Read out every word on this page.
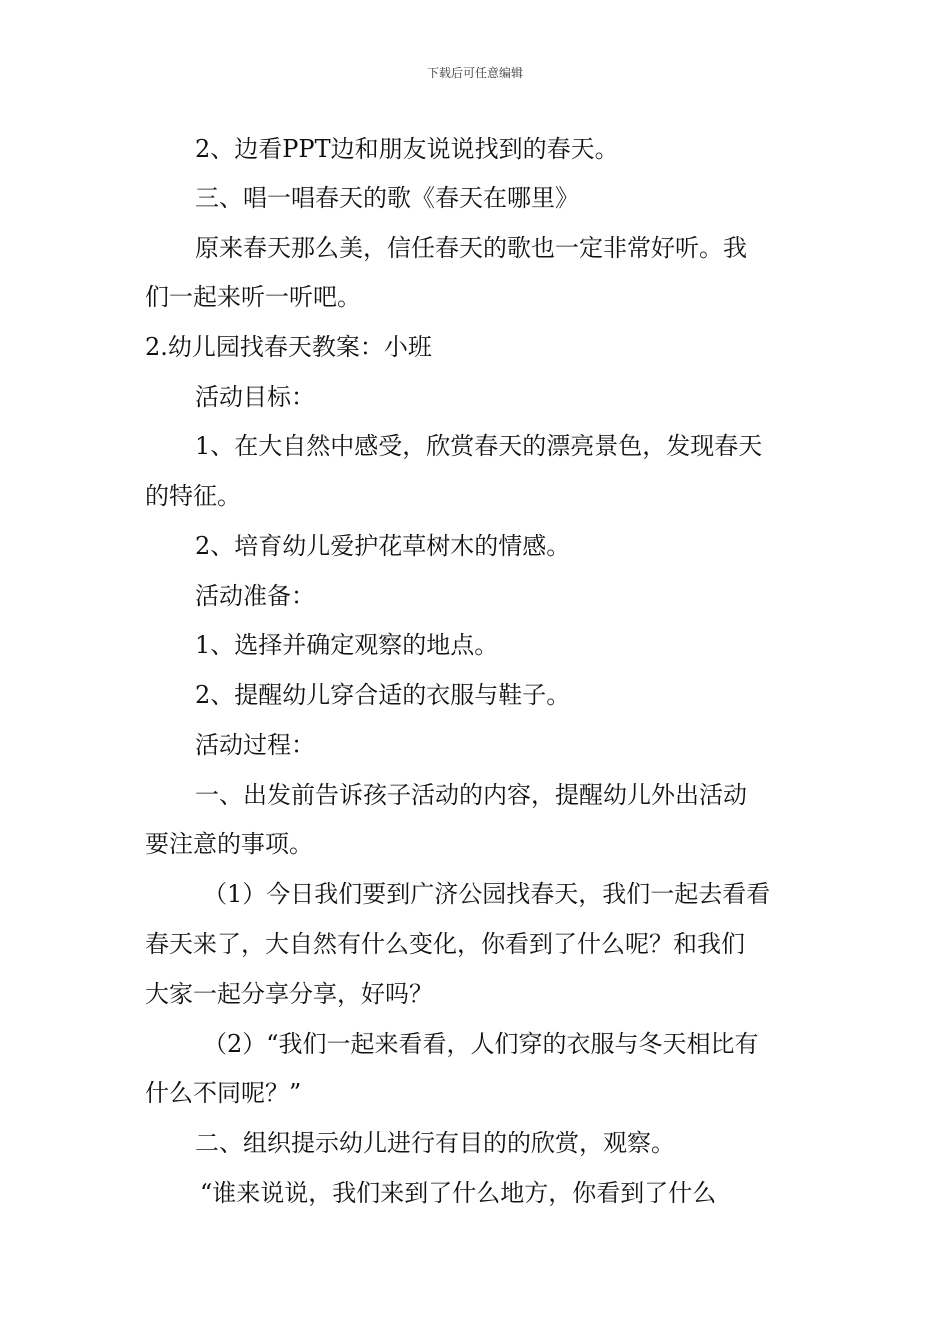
下载后可任意编辑
2、边看PPT边和朋友说说找到的春天。
三、唱一唱春天的歌《春天在哪里》
原来春天那么美，信任春天的歌也一定非常好听。我
们一起来听一听吧。
2.幼儿园找春天教案：小班
活动目标：
1、在大自然中感受，欣赏春天的漂亮景色，发现春天
的特征。
2、培育幼儿爱护花草树木的情感。
活动准备：
1、选择并确定观察的地点。
2、提醒幼儿穿合适的衣服与鞋子。
活动过程：
一、出发前告诉孩子活动的内容，提醒幼儿外出活动
要注意的事项。
（1）今日我们要到广济公园找春天，我们一起去看看
春天来了，大自然有什么变化，你看到了什么呢？和我们
大家一起分享分享，好吗？
（2）“我们一起来看看，人们穿的衣服与冬天相比有
什么不同呢？”
二、组织提示幼儿进行有目的的欣赏，观察。
“谁来说说，我们来到了什么地方，你看到了什么
